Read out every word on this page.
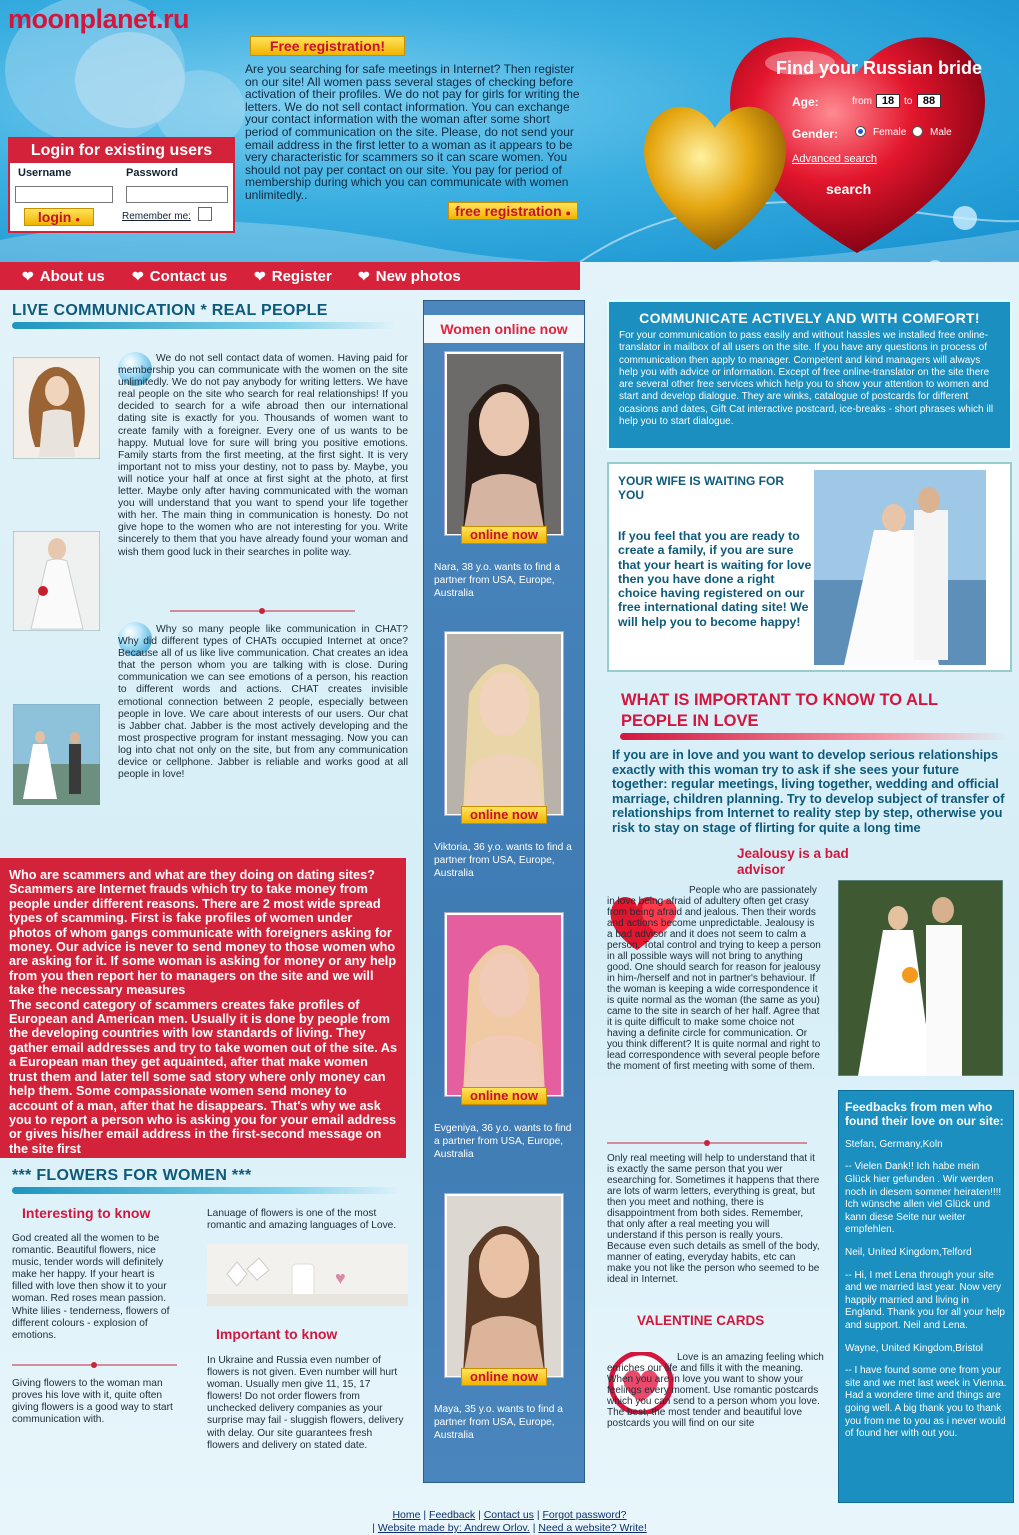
moonplanet.ru
Free registration!
Are you searching for safe meetings in Internet? Then register on our site! All women pass several stages of checking before activation of their profiles. We do not pay for girls for writing the letters. We do not sell contact information. You can exchange your contact information with the woman after some short period of communication on the site. Please, do not send your email address in the first letter to a woman as it appears to be very characteristic for scammers so it can scare women. You should not pay per contact on our site. You pay for period of membership during which you can communicate with women unlimitedly..
free registration ●
Login for existing users
Username	Password
login ●	Remember me:
Find your Russian bride
Age:	from 18 to 88
Gender:	Female Male
Advanced search
search
❤ About us ❤ Contact us ❤ Register ❤ New photos
LIVE COMMUNICATION * REAL PEOPLE
We do not sell contact data of women. Having paid for membership you can communicate with the women on the site unlimitedly. We do not pay anybody for writing letters. We have real people on the site who search for real relationships! If you decided to search for a wife abroad then our international dating site is exactly for you. Thousands of women want to create family with a foreigner. Every one of us wants to be happy. Mutual love for sure will bring you positive emotions. Family starts from the first meeting, at the first sight. It is very important not to miss your destiny, not to pass by. Maybe, you will notice your half at once at first sight at the photo, at first letter. Maybe only after having communicated with the woman you will understand that you want to spend your life together with her. The main thing in communication is honesty. Do not give hope to the women who are not interesting for you. Write sincerely to them that you have already found your woman and wish them good luck in their searches in polite way.
Why so many people like communication in CHAT? Why did different types of CHATs occupied Internet at once? Because all of us like live communication. Chat creates an idea that the person whom you are talking with is close. During communication we can see emotions of a person, his reaction to different words and actions. CHAT creates invisible emotional connection between 2 people, especially between people in love. We care about interests of our users. Our chat is Jabber chat. Jabber is the most actively developing and the most prospective program for instant messaging. Now you can log into chat not only on the site, but from any communication device or cellphone. Jabber is reliable and works good at all people in love!
Women online now
online now
Nara, 38 y.o. wants to find a partner from USA, Europe, Australia
online now
Viktoria, 36 y.o. wants to find a partner from USA, Europe, Australia
online now
Evgeniya, 36 y.o. wants to find a partner from USA, Europe, Australia
online now
Maya, 35 y.o. wants to find a partner from USA, Europe, Australia
Who are scammers and what are they doing on dating sites? Scammers are Internet frauds which try to take money from people under different reasons. There are 2 most wide spread types of scamming. First is fake profiles of women under photos of whom gangs communicate with foreigners asking for money. Our advice is never to send money to those women who are asking for it. If some woman is asking for money or any help from you then report her to managers on the site and we will take the necessary measures
The second category of scammers creates fake profiles of European and American men. Usually it is done by people from the developing countries with low standards of living. They gather email addresses and try to take women out of the site. As a European man they get aquainted, after that make women trust them and later tell some sad story where only money can help them. Some compassionate women send money to account of a man, after that he disappears. That's why we ask you to report a person who is asking you for your email address or gives his/her email address in the first-second message on the site first
*** FLOWERS FOR WOMEN ***
Interesting to know
God created all the women to be romantic. Beautiful flowers, nice music, tender words will definitely make her happy. If your heart is filled with love then show it to your woman. Red roses mean passion. White lilies - tenderness, flowers of different colours - explosion of emotions.
Giving flowers to the woman man proves his love with it, quite often giving flowers is a good way to start communication with.
Lanuage of flowers is one of the most romantic and amazing languages of Love.
♥
Important to know
In Ukraine and Russia even number of flowers is not given. Even number will hurt woman. Usually men give 11, 15, 17 flowers! Do not order flowers from unchecked delivery companies as your surprise may fail - sluggish flowers, delivery with delay. Our site guarantees fresh flowers and delivery on stated date.
COMMUNICATE ACTIVELY AND WITH COMFORT!
For your communication to pass easily and without hassles we installed free online-translator in mailbox of all users on the site. If you have any questions in process of communication then apply to manager. Competent and kind managers will always help you with advice or information. Except of free online-translator on the site there are several other free services which help you to show your attention to women and start and develop dialogue. They are winks, catalogue of postcards for different ocasions and dates, Gift Cat interactive postcard, ice-breaks - short phrases which ill help you to start dialogue.
YOUR WIFE IS WAITING FOR YOU
If you feel that you are ready to create a family, if you are sure that your heart is waiting for love then you have done a right choice having registered on our free international dating site! We will help you to become happy!
WHAT IS IMPORTANT TO KNOW TO ALL PEOPLE IN LOVE
If you are in love and you want to develop serious relationships exactly with this woman try to ask if she sees your future together: regular meetings, living together, wedding and official marriage, children planning. Try to develop subject of transfer of relationships from Internet to reality step by step, otherwise you risk to stay on stage of flirting for quite a long time
Jealousy is a bad advisor
People who are passionately in love being afraid of adultery often get crasy from being afraid and jealous. Then their words and actions become unpredictable. Jealousy is a bad advisor and it does not seem to calm a person. Total control and trying to keep a person in all possible ways will not bring to anything good. One should search for reason for jealousy in him-/herself and not in partner's behaviour. If the woman is keeping a wide correspondence it is quite normal as the woman (the same as you) came to the site in search of her half. Agree that it is quite difficult to make some choice not having a definite circle for communication. Or you think different? It is quite normal and right to lead correspondence with several people before the moment of first meeting with some of them.
Only real meeting will help to understand that it is exactly the same person that you wer esearching for. Sometimes it happens that there are lots of warm letters, everything is great, but then you meet and nothing, there is disappointment from both sides. Remember, that only after a real meeting you will understand if this person is really yours. Because even such details as smell of the body, manner of eating, everyday habits, etc can make you not like the person who seemed to be ideal in Internet.
VALENTINE CARDS
Love is an amazing feeling which enriches our life and fills it with the meaning. When you are in love you want to show your feelings every moment. Use romantic postcards which you can send to a person whom you love. The best, the most tender and beautiful love postcards you will find on our site
Feedbacks from men who found their love on our site:
Stefan, Germany,Koln
-- Vielen Dank!! Ich habe mein Glück hier gefunden . Wir werden noch in diesem sommer heiraten!!!! Ich wünsche allen viel Glück und kann diese Seite nur weiter empfehlen.
Neil, United Kingdom,Telford
-- Hi, I met Lena through your site and we married last year. Now very happily married and living in England. Thank you for all your help and support. Neil and Lena.
Wayne, United Kingdom,Bristol
-- I have found some one from your site and we met last week in Vienna. Had a wondere time and things are going well. A big thank you to thank you from me to you as i never would of found her with out you.
Home | Feedback | Contact us | Forgot password?
| Website made by: Andrew Orlov. | Need a website? Write!
